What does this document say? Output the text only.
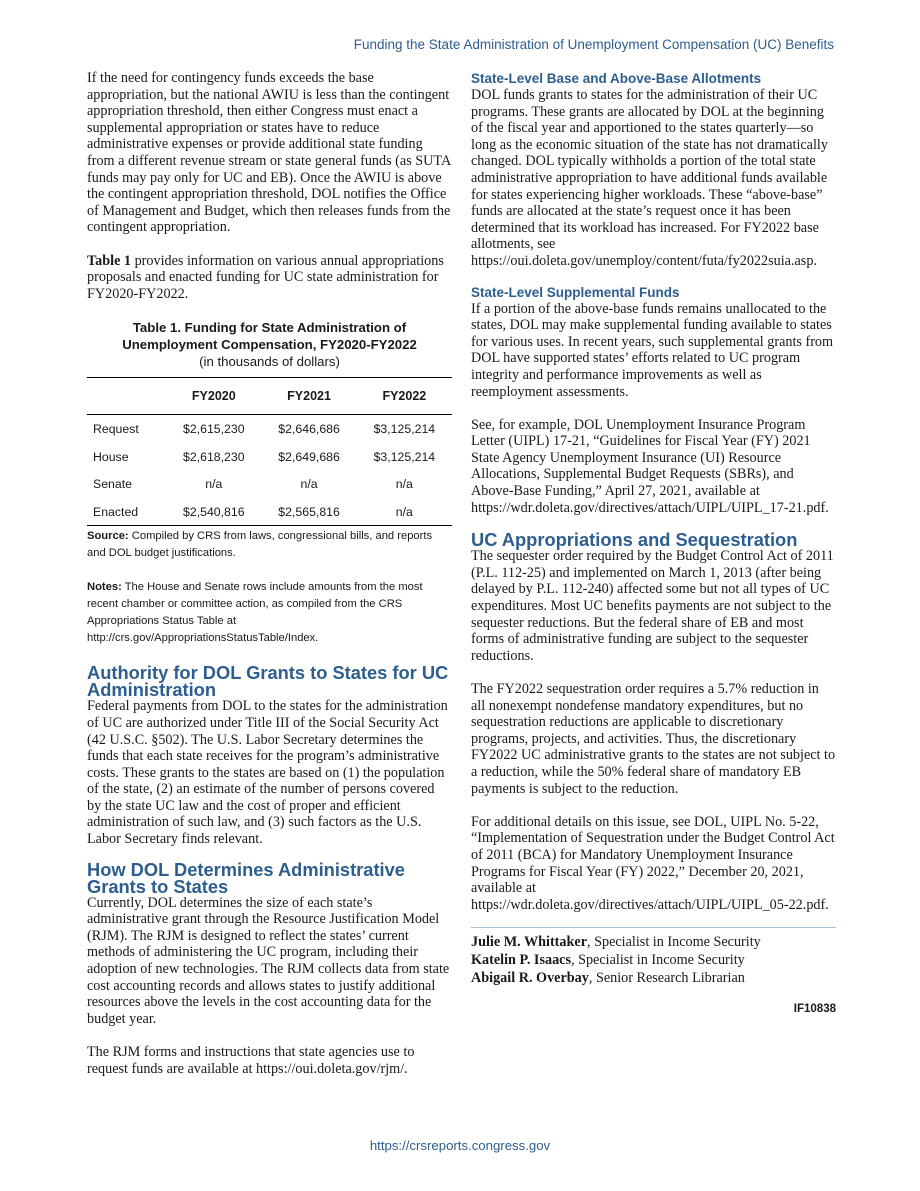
Funding the State Administration of Unemployment Compensation (UC) Benefits

If the need for contingency funds exceeds the base appropriation, but the national AWIU is less than the contingent appropriation threshold, then either Congress must enact a supplemental appropriation or states have to reduce administrative expenses or provide additional state funding from a different revenue stream or state general funds (as SUTA funds may pay only for UC and EB). Once the AWIU is above the contingent appropriation threshold, DOL notifies the Office of Management and Budget, which then releases funds from the contingent appropriation.

Table 1 provides information on various annual appropriations proposals and enacted funding for UC state administration for FY2020-FY2022.

Table 1. Funding for State Administration of Unemployment Compensation, FY2020-FY2022
(in thousands of dollars)
	FY2020	FY2021	FY2022
Request	$2,615,230	$2,646,686	$3,125,214
House	$2,618,230	$2,649,686	$3,125,214
Senate	n/a	n/a	n/a
Enacted	$2,540,816	$2,565,816	n/a

Source: Compiled by CRS from laws, congressional bills, and reports and DOL budget justifications.

Notes: The House and Senate rows include amounts from the most recent chamber or committee action, as compiled from the CRS Appropriations Status Table at http://crs.gov/AppropriationsStatusTable/Index.

Authority for DOL Grants to States for UC Administration

Federal payments from DOL to the states for the administration of UC are authorized under Title III of the Social Security Act (42 U.S.C. §502). The U.S. Labor Secretary determines the funds that each state receives for the program’s administrative costs. These grants to the states are based on (1) the population of the state, (2) an estimate of the number of persons covered by the state UC law and the cost of proper and efficient administration of such law, and (3) such factors as the U.S. Labor Secretary finds relevant.

How DOL Determines Administrative Grants to States

Currently, DOL determines the size of each state’s administrative grant through the Resource Justification Model (RJM). The RJM is designed to reflect the states’ current methods of administering the UC program, including their adoption of new technologies. The RJM collects data from state cost accounting records and allows states to justify additional resources above the levels in the cost accounting data for the budget year.

The RJM forms and instructions that state agencies use to request funds are available at https://oui.doleta.gov/rjm/.

State-Level Base and Above-Base Allotments

DOL funds grants to states for the administration of their UC programs. These grants are allocated by DOL at the beginning of the fiscal year and apportioned to the states quarterly—so long as the economic situation of the state has not dramatically changed. DOL typically withholds a portion of the total state administrative appropriation to have additional funds available for states experiencing higher workloads. These “above-base” funds are allocated at the state’s request once it has been determined that its workload has increased. For FY2022 base allotments, see https://oui.doleta.gov/unemploy/content/futa/fy2022suia.asp.

State-Level Supplemental Funds

If a portion of the above-base funds remains unallocated to the states, DOL may make supplemental funding available to states for various uses. In recent years, such supplemental grants from DOL have supported states’ efforts related to UC program integrity and performance improvements as well as reemployment assessments.

See, for example, DOL Unemployment Insurance Program Letter (UIPL) 17-21, “Guidelines for Fiscal Year (FY) 2021 State Agency Unemployment Insurance (UI) Resource Allocations, Supplemental Budget Requests (SBRs), and Above-Base Funding,” April 27, 2021, available at https://wdr.doleta.gov/directives/attach/UIPL/UIPL_17-21.pdf.

UC Appropriations and Sequestration

The sequester order required by the Budget Control Act of 2011 (P.L. 112-25) and implemented on March 1, 2013 (after being delayed by P.L. 112-240) affected some but not all types of UC expenditures. Most UC benefits payments are not subject to the sequester reductions. But the federal share of EB and most forms of administrative funding are subject to the sequester reductions.

The FY2022 sequestration order requires a 5.7% reduction in all nonexempt nondefense mandatory expenditures, but no sequestration reductions are applicable to discretionary programs, projects, and activities. Thus, the discretionary FY2022 UC administrative grants to the states are not subject to a reduction, while the 50% federal share of mandatory EB payments is subject to the reduction.

For additional details on this issue, see DOL, UIPL No. 5-22, “Implementation of Sequestration under the Budget Control Act of 2011 (BCA) for Mandatory Unemployment Insurance Programs for Fiscal Year (FY) 2022,” December 20, 2021, available at https://wdr.doleta.gov/directives/attach/UIPL/UIPL_05-22.pdf.

Julie M. Whittaker, Specialist in Income Security

Katelin P. Isaacs, Specialist in Income Security

Abigail R. Overbay, Senior Research Librarian

IF10838
https://crsreports.congress.gov
